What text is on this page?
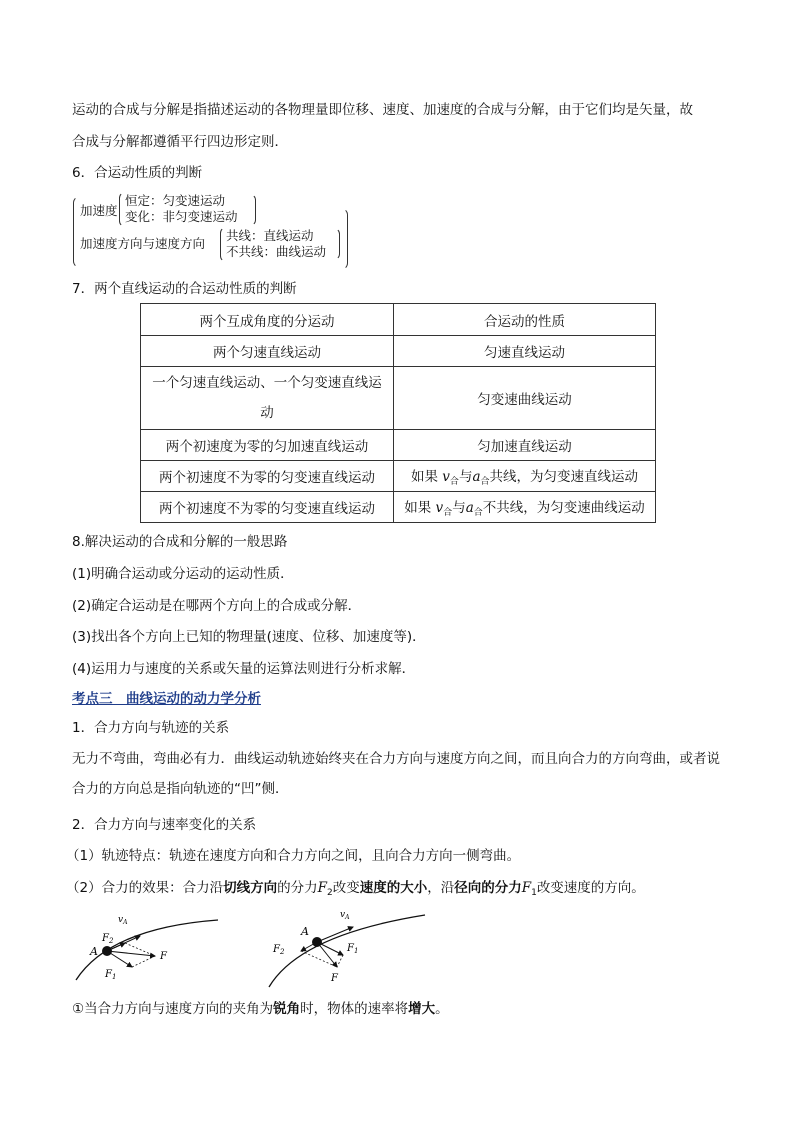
运动的合成与分解是指描述运动的各物理量即位移、速度、加速度的合成与分解，由于它们均是矢量，故
合成与分解都遵循平行四边形定则．
6．合运动性质的判断
加速度
恒定：匀变速运动
变化：非匀变速运动
加速度方向与速度方向
共线：直线运动
不共线：曲线运动
7．两个直线运动的合运动性质的判断
两个互成角度的分运动	合运动的性质
两个匀速直线运动	匀速直线运动
一个匀速直线运动、一个匀变速直线运动	匀变速曲线运动
两个初速度为零的匀加速直线运动	匀加速直线运动
两个初速度不为零的匀变速直线运动	如果 $v_合$与$a_合$共线，为匀变速直线运动
两个初速度不为零的匀变速直线运动	如果 $v_合$与$a_合$不共线，为匀变速曲线运动
8.解决运动的合成和分解的一般思路
(1)明确合运动或分运动的运动性质．
(2)确定合运动是在哪两个方向上的合成或分解．
(3)找出各个方向上已知的物理量(速度、位移、加速度等)．
(4)运用力与速度的关系或矢量的运算法则进行分析求解．
考点三　曲线运动的动力学分析
1．合力方向与轨迹的关系
无力不弯曲，弯曲必有力．曲线运动轨迹始终夹在合力方向与速度方向之间，而且向合力的方向弯曲，或者说合力的方向总是指向轨迹的“凹”侧．
2．合力方向与速率变化的关系
（1）轨迹特点：轨迹在速度方向和合力方向之间，且向合力方向一侧弯曲。
（2）合力的效果：合力沿切线方向的分力$F_2$改变速度的大小，沿径向的分力$F_1$改变速度的方向。
A
$v_A$
$F_2$
F
$F_1$
A
$v_A$
$F_2$	$F_1$
F
①当合力方向与速度方向的夹角为锐角时，物体的速率将增大。
